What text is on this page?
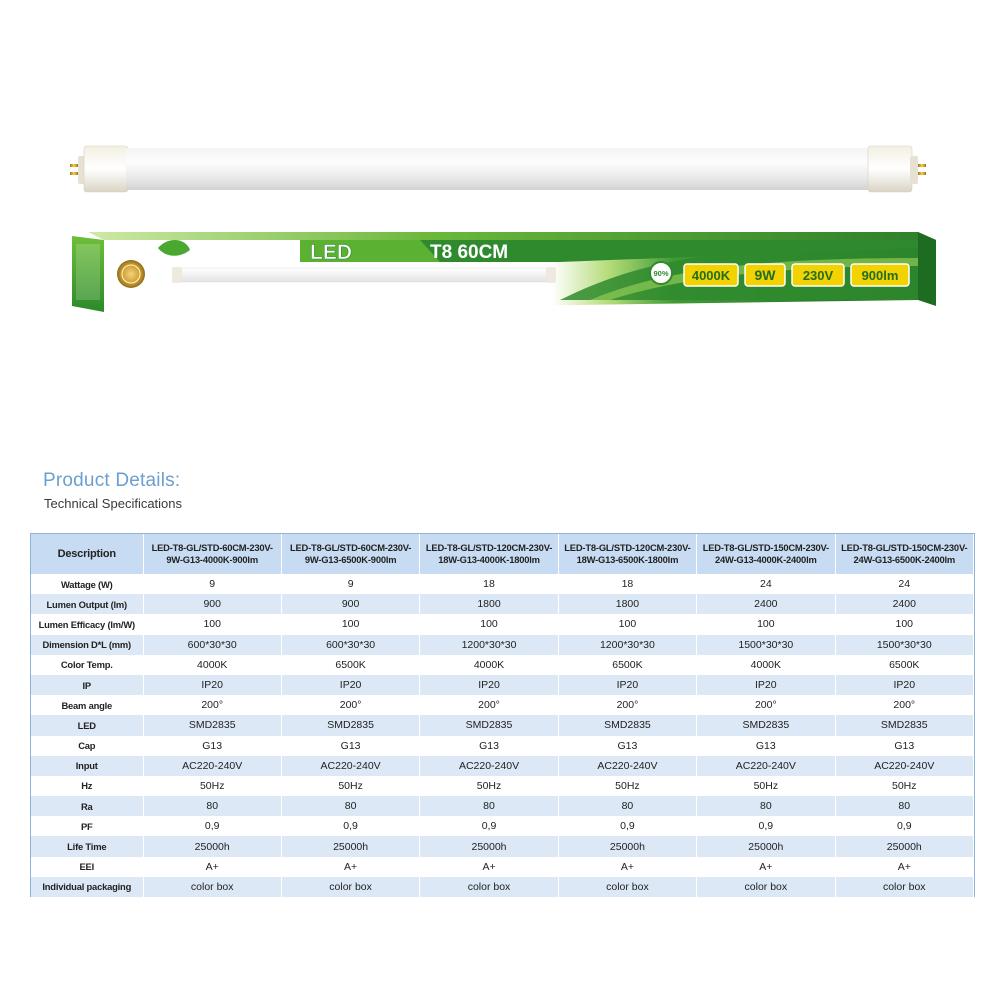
LED	T8 60CM
90% 4000K 9W 230V 900lm
Product Details:
Technical Specifications
Description	LED-T8-GL/STD-60CM-230V-9W-G13-4000K-900lm	LED-T8-GL/STD-60CM-230V-9W-G13-6500K-900lm	LED-T8-GL/STD-120CM-230V-18W-G13-4000K-1800lm	LED-T8-GL/STD-120CM-230V-18W-G13-6500K-1800lm	LED-T8-GL/STD-150CM-230V-24W-G13-4000K-2400lm	LED-T8-GL/STD-150CM-230V-24W-G13-6500K-2400lm
Wattage (W)	9	9	18	18	24	24
Lumen Output (lm)	900	900	1800	1800	2400	2400
Lumen Efficacy (lm/W)	100	100	100	100	100	100
Dimension D*L (mm)	600*30*30	600*30*30	1200*30*30	1200*30*30	1500*30*30	1500*30*30
Color Temp.	4000K	6500K	4000K	6500K	4000K	6500K
IP	IP20	IP20	IP20	IP20	IP20	IP20
Beam angle	200°	200°	200°	200°	200°	200°
LED	SMD2835	SMD2835	SMD2835	SMD2835	SMD2835	SMD2835
Cap	G13	G13	G13	G13	G13	G13
Input	AC220-240V	AC220-240V	AC220-240V	AC220-240V	AC220-240V	AC220-240V
Hz	50Hz	50Hz	50Hz	50Hz	50Hz	50Hz
Ra	80	80	80	80	80	80
PF	0,9	0,9	0,9	0,9	0,9	0,9
Life Time	25000h	25000h	25000h	25000h	25000h	25000h
EEI	A+	A+	A+	A+	A+	A+
Individual packaging	color box	color box	color box	color box	color box	color box
